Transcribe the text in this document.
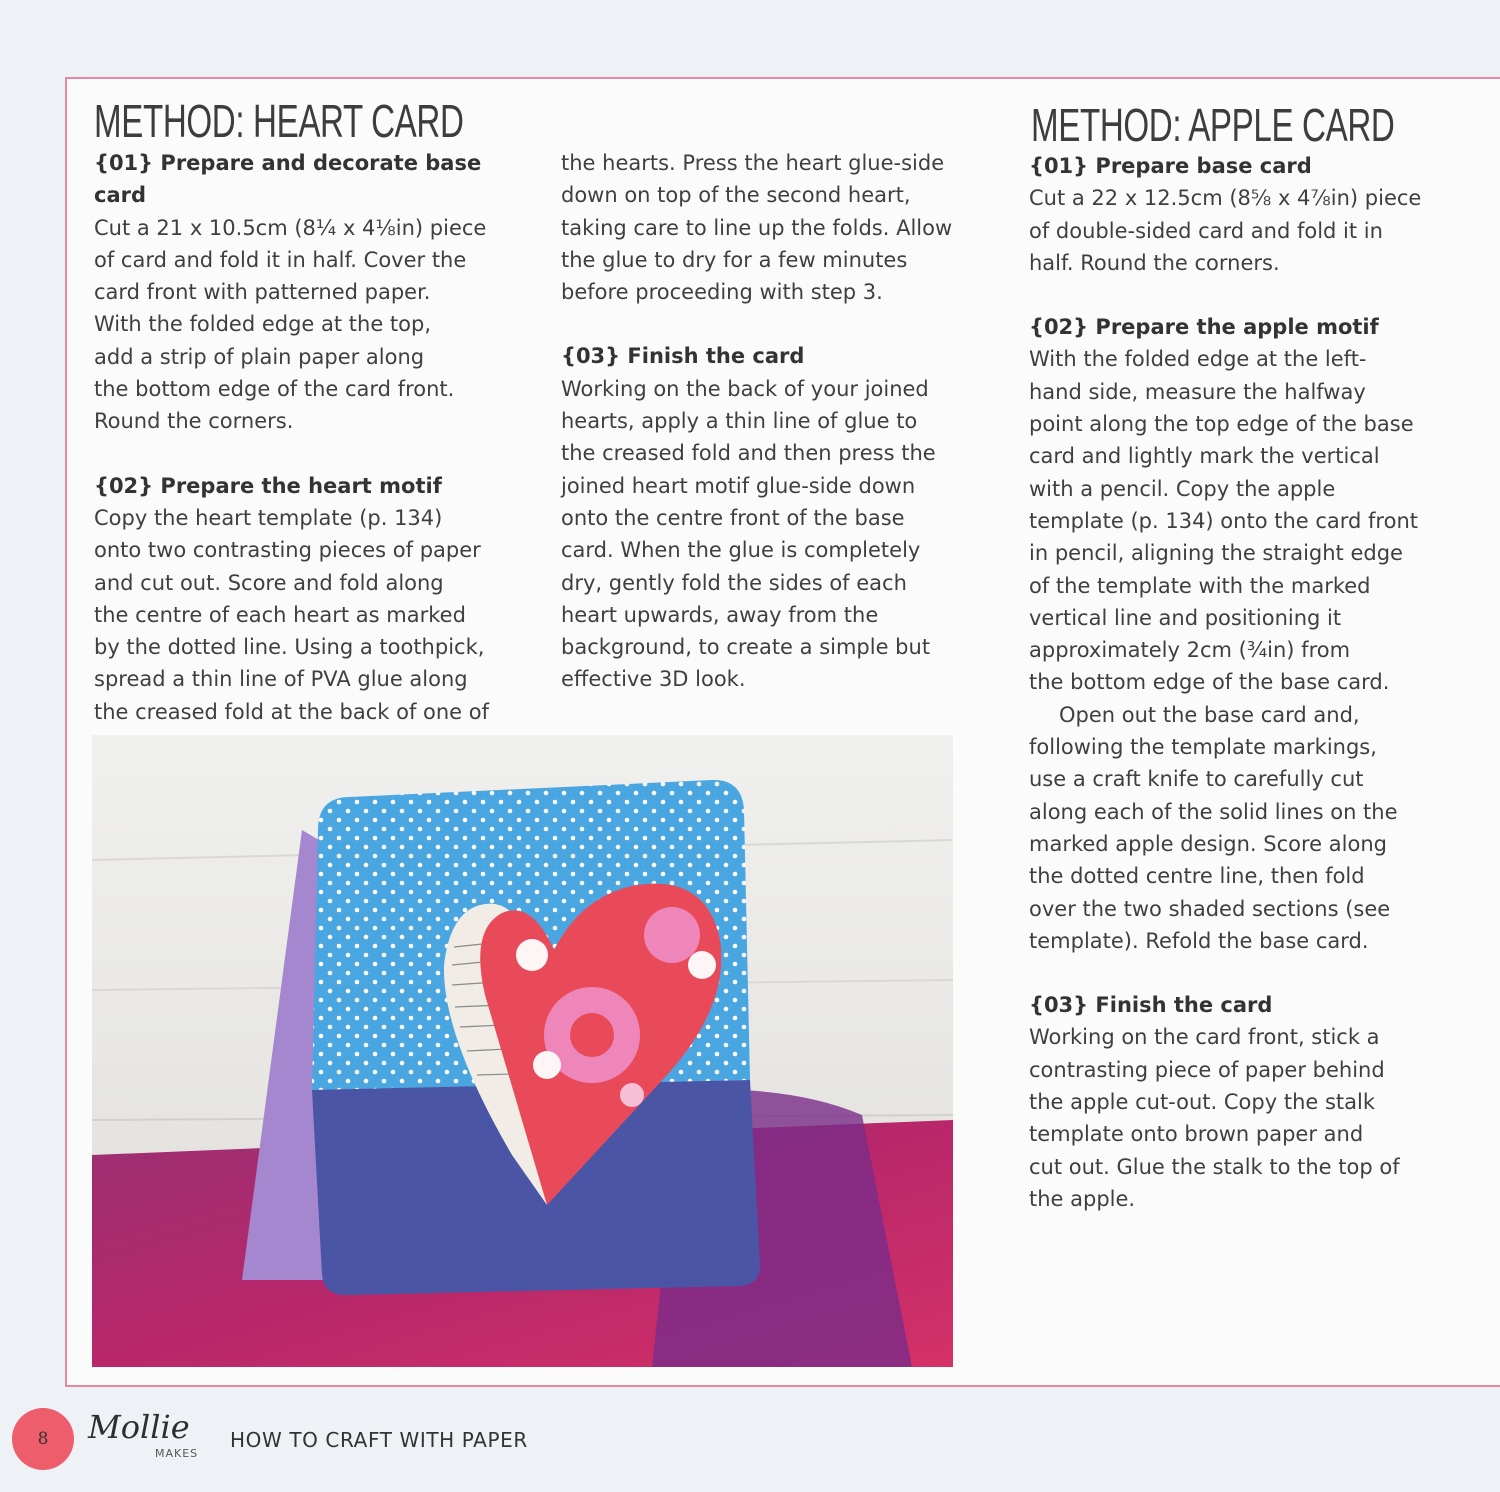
METHOD: HEART CARD

{01} Prepare and decorate base card

Cut a 21 x 10.5cm (8¼ x 4⅛in) piece

of card and fold it in half. Cover the

card front with patterned paper.

With the folded edge at the top,

add a strip of plain paper along

the bottom edge of the card front.

Round the corners.

{02} Prepare the heart motif

Copy the heart template (p. 134)

onto two contrasting pieces of paper

and cut out. Score and fold along

the centre of each heart as marked

by the dotted line. Using a toothpick,

spread a thin line of PVA glue along

the creased fold at the back of one of

the hearts. Press the heart glue-side

down on top of the second heart,

taking care to line up the folds. Allow

the glue to dry for a few minutes

before proceeding with step 3.

{03} Finish the card

Working on the back of your joined

hearts, apply a thin line of glue to

the creased fold and then press the

joined heart motif glue-side down

onto the centre front of the base

card. When the glue is completely

dry, gently fold the sides of each

heart upwards, away from the

background, to create a simple but

effective 3D look.

METHOD: APPLE CARD

{01} Prepare base card

Cut a 22 x 12.5cm (8⅝ x 4⅞in) piece

of double-sided card and fold it in

half. Round the corners.

{02} Prepare the apple motif

With the folded edge at the left-

hand side, measure the halfway

point along the top edge of the base

card and lightly mark the vertical

with a pencil. Copy the apple

template (p. 134) onto the card front

in pencil, aligning the straight edge

of the template with the marked

vertical line and positioning it

approximately 2cm (¾in) from

the bottom edge of the base card.

Open out the base card and,

following the template markings,

use a craft knife to carefully cut

along each of the solid lines on the

marked apple design. Score along

the dotted centre line, then fold

over the two shaded sections (see

template). Refold the base card.

{03} Finish the card

Working on the card front, stick a

contrasting piece of paper behind

the apple cut-out. Copy the stalk

template onto brown paper and

cut out. Glue the stalk to the top of

the apple.

8	Mollie
MAKES
HOW TO CRAFT WITH PAPER
